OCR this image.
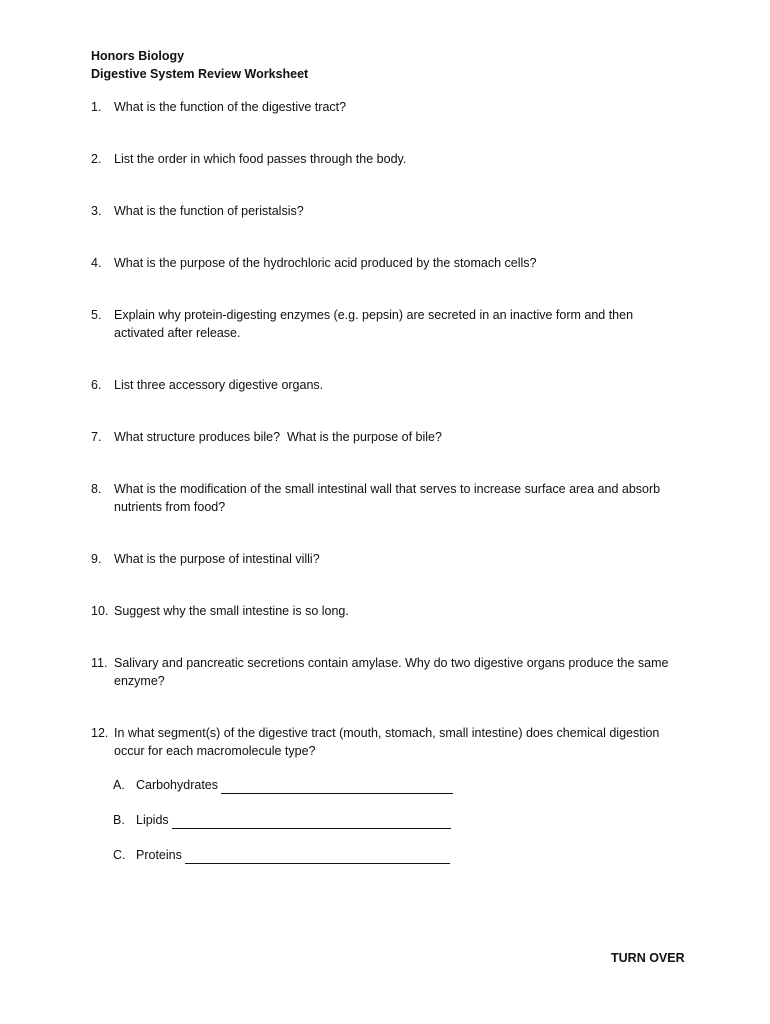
Honors Biology
Digestive System Review Worksheet
1.	What is the function of the digestive tract?
2.	List the order in which food passes through the body.
3.	What is the function of peristalsis?
4.	What is the purpose of the hydrochloric acid produced by the stomach cells?
5.	Explain why protein-digesting enzymes (e.g. pepsin) are secreted in an inactive form and then activated after release.
6.	List three accessory digestive organs.
7.	What structure produces bile?  What is the purpose of bile?
8.	What is the modification of the small intestinal wall that serves to increase surface area and absorb nutrients from food?
9.	What is the purpose of intestinal villi?
10. Suggest why the small intestine is so long.
11. Salivary and pancreatic secretions contain amylase. Why do two digestive organs produce the same enzyme?
12. In what segment(s) of the digestive tract (mouth, stomach, small intestine) does chemical digestion occur for each macromolecule type?
A. Carbohydrates
B. Lipids
C. Proteins
TURN OVER
